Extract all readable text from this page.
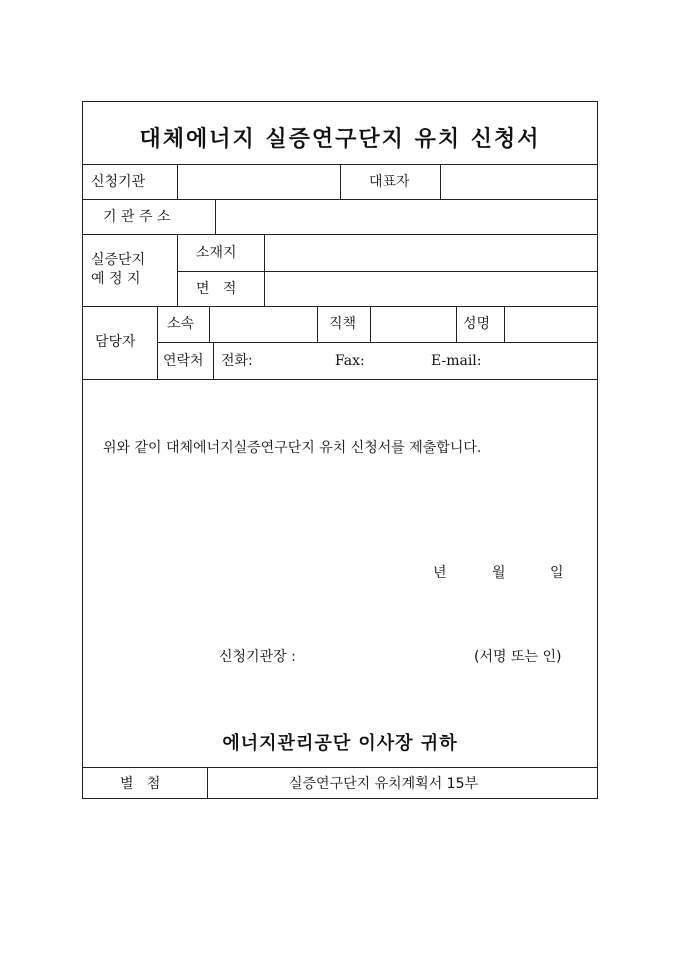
대체에너지 실증연구단지 유치 신청서
신청기관	대표자
기 관 주 소
실증단지
예 정 지
소재지
면   적
담당자
소속	직책	성명
연락처 전화:	Fax:	E-mail:
위와 같이 대체에너지실증연구단지 유치 신청서를 제출합니다.
년	월	일
신청기관장 :	(서명 또는 인)
에너지관리공단 이사장 귀하
별   첨	실증연구단지 유치계획서 15부
